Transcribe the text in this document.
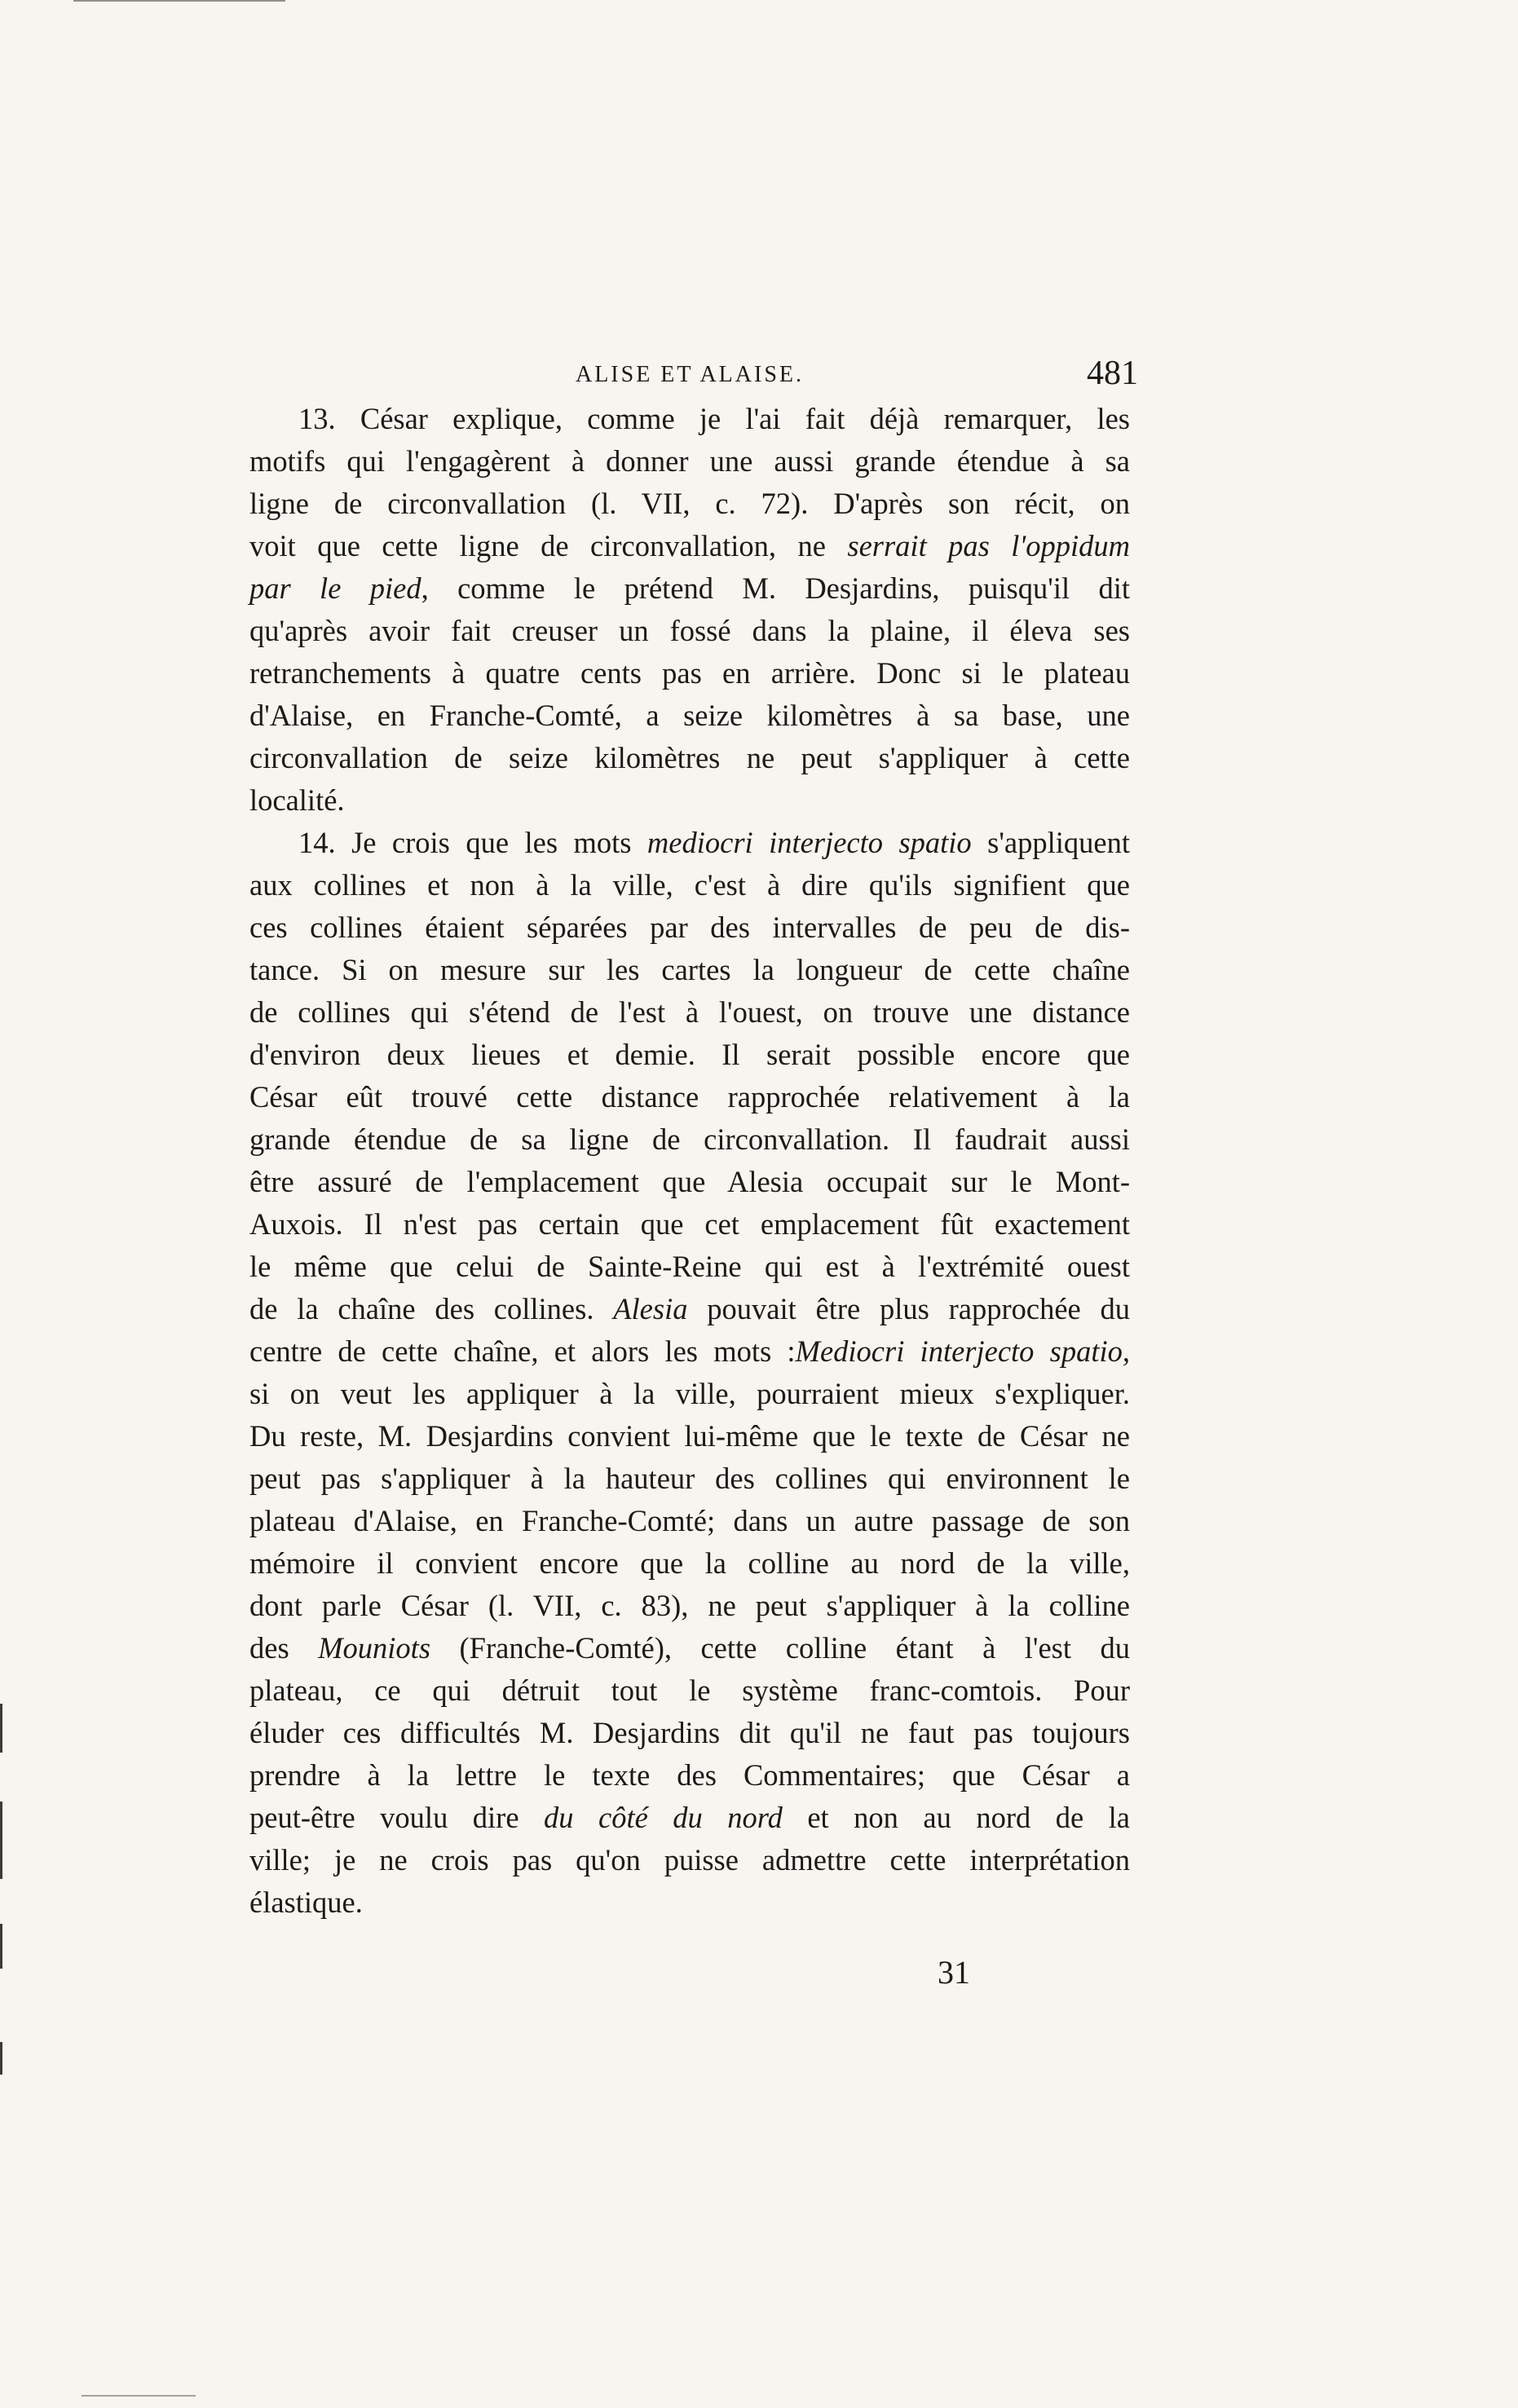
ALISE ET ALAISE.	481
13. César explique, comme je l'ai fait déjà remarquer, les
motifs qui l'engagèrent à donner une aussi grande étendue à sa
ligne de circonvallation (l. VII, c. 72). D'après son récit, on
voit que cette ligne de circonvallation, ne serrait pas l'oppidum
par le pied, comme le prétend M. Desjardins, puisqu'il dit
qu'après avoir fait creuser un fossé dans la plaine, il éleva ses
retranchements à quatre cents pas en arrière. Donc si le plateau
d'Alaise, en Franche-Comté, a seize kilomètres à sa base, une
circonvallation de seize kilomètres ne peut s'appliquer à cette
localité.
14. Je crois que les mots mediocri interjecto spatio s'appliquent
aux collines et non à la ville, c'est à dire qu'ils signifient que
ces collines étaient séparées par des intervalles de peu de dis-
tance. Si on mesure sur les cartes la longueur de cette chaîne
de collines qui s'étend de l'est à l'ouest, on trouve une distance
d'environ deux lieues et demie. Il serait possible encore que
César eût trouvé cette distance rapprochée relativement à la
grande étendue de sa ligne de circonvallation. Il faudrait aussi
être assuré de l'emplacement que Alesia occupait sur le Mont-
Auxois. Il n'est pas certain que cet emplacement fût exactement
le même que celui de Sainte-Reine qui est à l'extrémité ouest
de la chaîne des collines. Alesia pouvait être plus rapprochée du
centre de cette chaîne, et alors les mots :Mediocri interjecto spatio,
si on veut les appliquer à la ville, pourraient mieux s'expliquer.
Du reste, M. Desjardins convient lui-même que le texte de César ne
peut pas s'appliquer à la hauteur des collines qui environnent le
plateau d'Alaise, en Franche-Comté; dans un autre passage de son
mémoire il convient encore que la colline au nord de la ville,
dont parle César (l. VII, c. 83), ne peut s'appliquer à la colline
des Mouniots (Franche-Comté), cette colline étant à l'est du
plateau, ce qui détruit tout le système franc-comtois. Pour
éluder ces difficultés M. Desjardins dit qu'il ne faut pas toujours
prendre à la lettre le texte des Commentaires; que César a
peut-être voulu dire du côté du nord et non au nord de la
ville; je ne crois pas qu'on puisse admettre cette interprétation
élastique.
31
